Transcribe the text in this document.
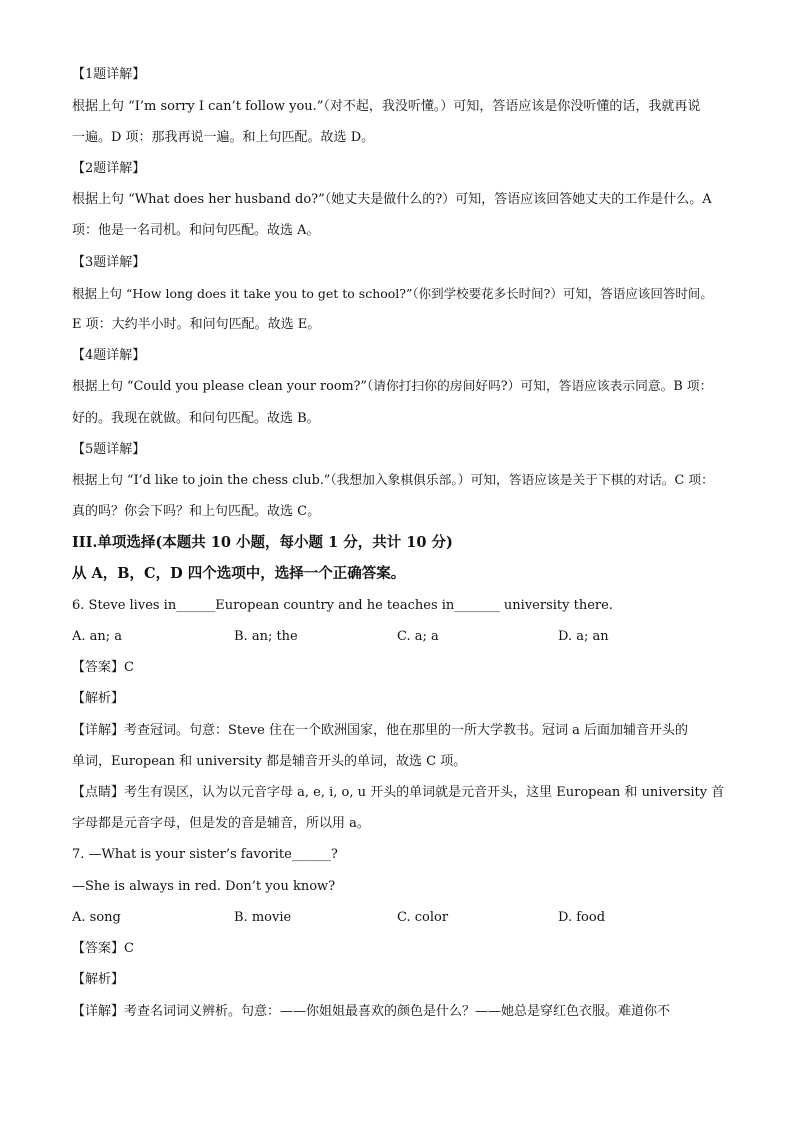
【1题详解】
根据上句 “I’m sorry I can’t follow you.”（对不起，我没听懂。）可知，答语应该是你没听懂的话，我就再说
一遍。D 项：那我再说一遍。和上句匹配。故选 D。
【2题详解】
根据上句 “What does her husband do?”（她丈夫是做什么的?）可知，答语应该回答她丈夫的工作是什么。A
项：他是一名司机。和问句匹配。故选 A。
【3题详解】
根据上句 “How long does it take you to get to school?”（你到学校要花多长时间?）可知，答语应该回答时间。
E 项：大约半小时。和问句匹配。故选 E。
【4题详解】
根据上句 “Could you please clean your room?”（请你打扫你的房间好吗?）可知，答语应该表示同意。B 项：
好的。我现在就做。和问句匹配。故选 B。
【5题详解】
根据上句 “I’d like to join the chess club.”（我想加入象棋俱乐部。）可知，答语应该是关于下棋的对话。C 项：
真的吗？你会下吗？和上句匹配。故选 C。
III.单项选择(本题共 10 小题，每小题 1 分，共计 10 分)
从 A，B，C，D 四个选项中，选择一个正确答案。
6. Steve lives in______European country and he teaches in_______ university there.
A. an; a	B. an; the	C. a; a	D. a; an
【答案】C
【解析】
【详解】考查冠词。句意：Steve 住在一个欧洲国家，他在那里的一所大学教书。冠词 a 后面加辅音开头的
单词，European 和 university 都是辅音开头的单词，故选 C 项。
【点睛】考生有误区，认为以元音字母 a, e, i, o, u 开头的单词就是元音开头，这里 European 和 university 首
字母都是元音字母，但是发的音是辅音，所以用 a。
7. —What is your sister’s favorite______?
—She is always in red. Don’t you know?
A. song	B. movie	C. color	D. food
【答案】C
【解析】
【详解】考查名词词义辨析。句意：——你姐姐最喜欢的颜色是什么？——她总是穿红色衣服。难道你不
